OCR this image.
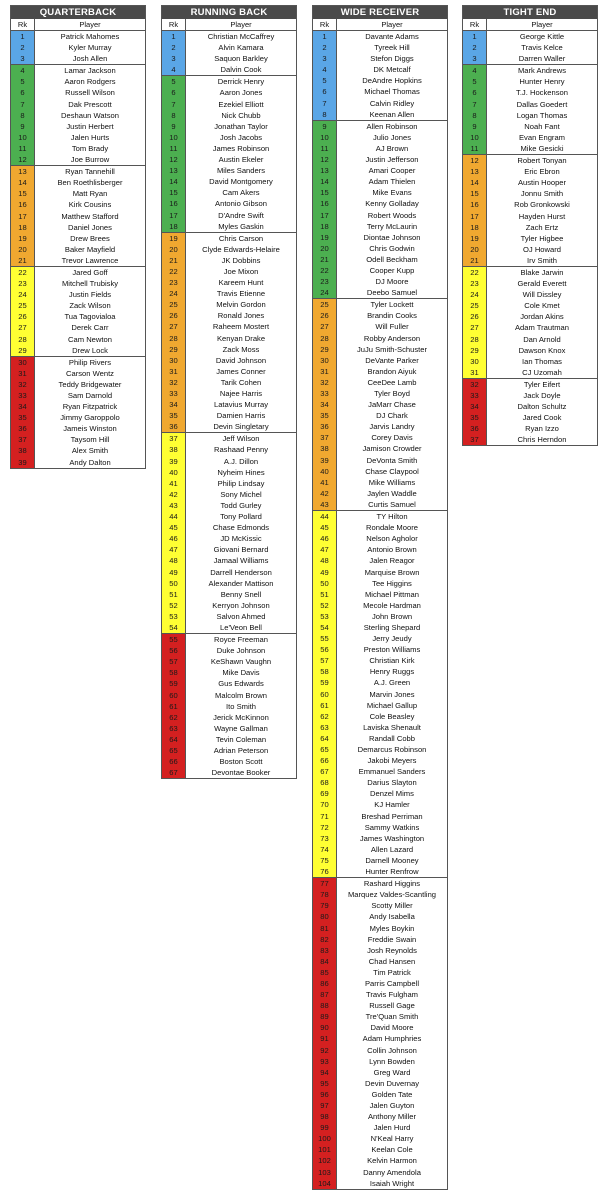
QUARTERBACK
Rk	Player
1	Patrick Mahomes
2	Kyler Murray
3	Josh Allen
4	Lamar Jackson
5	Aaron Rodgers
6	Russell Wilson
7	Dak Prescott
8	Deshaun Watson
9	Justin Herbert
10	Jalen Hurts
11	Tom Brady
12	Joe Burrow
13	Ryan Tannehill
14	Ben Roethlisberger
15	Matt Ryan
16	Kirk Cousins
17	Matthew Stafford
18	Daniel Jones
19	Drew Brees
20	Baker Mayfield
21	Trevor Lawrence
22	Jared Goff
23	Mitchell Trubisky
24	Justin Fields
25	Zack Wilson
26	Tua Tagovialoa
27	Derek Carr
28	Cam Newton
29	Drew Lock
30	Philip Rivers
31	Carson Wentz
32	Teddy Bridgewater
33	Sam Darnold
34	Ryan Fitzpatrick
35	Jimmy Garoppolo
36	Jameis Winston
37	Taysom Hill
38	Alex Smith
39	Andy Dalton
RUNNING BACK
Rk	Player
1	Christian McCaffrey
2	Alvin Kamara
3	Saquon Barkley
4	Dalvin Cook
5	Derrick Henry
6	Aaron Jones
7	Ezekiel Elliott
8	Nick Chubb
9	Jonathan Taylor
10	Josh Jacobs
11	James Robinson
12	Austin Ekeler
13	Miles Sanders
14	David Montgomery
15	Cam Akers
16	Antonio Gibson
17	D'Andre Swift
18	Myles Gaskin
19	Chris Carson
20	Clyde Edwards-Helaire
21	JK Dobbins
22	Joe Mixon
23	Kareem Hunt
24	Travis Etienne
25	Melvin Gordon
26	Ronald Jones
27	Raheem Mostert
28	Kenyan Drake
29	Zack Moss
30	David Johnson
31	James Conner
32	Tarik Cohen
33	Najee Harris
34	Latavius Murray
35	Damien Harris
36	Devin Singletary
37	Jeff Wilson
38	Rashaad Penny
39	A.J. Dillon
40	Nyheim Hines
41	Philip Lindsay
42	Sony Michel
43	Todd Gurley
44	Tony Pollard
45	Chase Edmonds
46	JD McKissic
47	Giovani Bernard
48	Jamaal Williams
49	Darrell Henderson
50	Alexander Mattison
51	Benny Snell
52	Kerryon Johnson
53	Salvon Ahmed
54	Le'Veon Bell
55	Royce Freeman
56	Duke Johnson
57	KeShawn Vaughn
58	Mike Davis
59	Gus Edwards
60	Malcolm Brown
61	Ito Smith
62	Jerick McKinnon
63	Wayne Gallman
64	Tevin Coleman
65	Adrian Peterson
66	Boston Scott
67	Devontae Booker
WIDE RECEIVER
Rk	Player
1	Davante Adams
2	Tyreek Hill
3	Stefon Diggs
4	DK Metcalf
5	DeAndre Hopkins
6	Michael Thomas
7	Calvin Ridley
8	Keenan Allen
9	Allen Robinson
10	Julio Jones
11	AJ Brown
12	Justin Jefferson
13	Amari Cooper
14	Adam Thielen
15	Mike Evans
16	Kenny Golladay
17	Robert Woods
18	Terry McLaurin
19	Diontae Johnson
20	Chris Godwin
21	Odell Beckham
22	Cooper Kupp
23	DJ Moore
24	Deebo Samuel
25	Tyler Lockett
26	Brandin Cooks
27	Will Fuller
28	Robby Anderson
29	JuJu Smith-Schuster
30	DeVante Parker
31	Brandon Aiyuk
32	CeeDee Lamb
33	Tyler Boyd
34	JaMarr Chase
35	DJ Chark
36	Jarvis Landry
37	Corey Davis
38	Jamison Crowder
39	DeVonta Smith
40	Chase Claypool
41	Mike Williams
42	Jaylen Waddle
43	Curtis Samuel
44	TY Hilton
45	Rondale Moore
46	Nelson Agholor
47	Antonio Brown
48	Jalen Reagor
49	Marquise Brown
50	Tee Higgins
51	Michael Pittman
52	Mecole Hardman
53	John Brown
54	Sterling Shepard
55	Jerry Jeudy
56	Preston Williams
57	Christian Kirk
58	Henry Ruggs
59	A.J. Green
60	Marvin Jones
61	Michael Gallup
62	Cole Beasley
63	Laviska Shenault
64	Randall Cobb
65	Demarcus Robinson
66	Jakobi Meyers
67	Emmanuel Sanders
68	Darius Slayton
69	Denzel Mims
70	KJ Hamler
71	Breshad Perriman
72	Sammy Watkins
73	James Washington
74	Allen Lazard
75	Darnell Mooney
76	Hunter Renfrow
77	Rashard Higgins
78	Marquez Valdes-Scantling
79	Scotty Miller
80	Andy Isabella
81	Myles Boykin
82	Freddie Swain
83	Josh Reynolds
84	Chad Hansen
85	Tim Patrick
86	Parris Campbell
87	Travis Fulgham
88	Russell Gage
89	Tre'Quan Smith
90	David Moore
91	Adam Humphries
92	Collin Johnson
93	Lynn Bowden
94	Greg Ward
95	Devin Duvernay
96	Golden Tate
97	Jalen Guyton
98	Anthony Miller
99	Jalen Hurd
100	N'Keal Harry
101	Keelan Cole
102	Kelvin Harmon
103	Danny Amendola
104	Isaiah Wright
TIGHT END
Rk	Player
1	George Kittle
2	Travis Kelce
3	Darren Waller
4	Mark Andrews
5	Hunter Henry
6	T.J. Hockenson
7	Dallas Goedert
8	Logan Thomas
9	Noah Fant
10	Evan Engram
11	Mike Gesicki
12	Robert Tonyan
13	Eric Ebron
14	Austin Hooper
15	Jonnu Smith
16	Rob Gronkowski
17	Hayden Hurst
18	Zach Ertz
19	Tyler Higbee
20	OJ Howard
21	Irv Smith
22	Blake Jarwin
23	Gerald Everett
24	Will Dissley
25	Cole Kmet
26	Jordan Akins
27	Adam Trautman
28	Dan Arnold
29	Dawson Knox
30	Ian Thomas
31	CJ Uzomah
32	Tyler Eifert
33	Jack Doyle
34	Dalton Schultz
35	Jared Cook
36	Ryan Izzo
37	Chris Herndon
